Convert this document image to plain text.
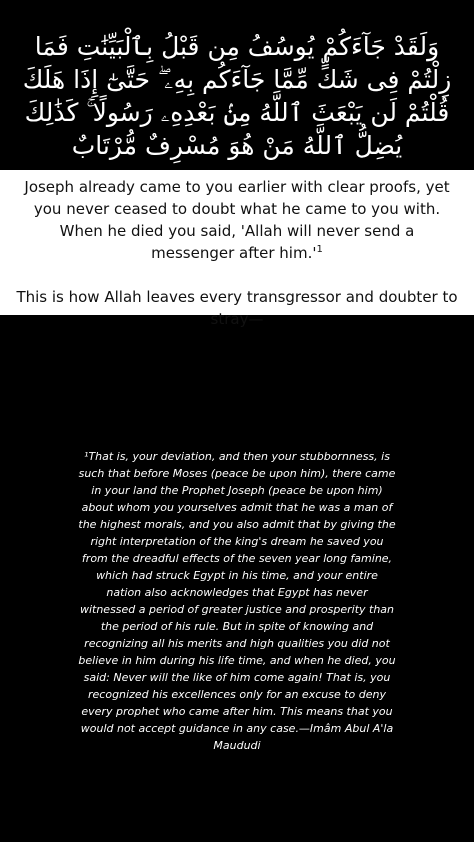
وَلَقَدْ جَآءَكُمْ يُوسُفُ مِن قَبْلُ بِٱلْبَيِّنَٰتِ فَمَا زِلْتُمْ فِى شَكٍّ مِّمَّا جَآءَكُم بِهِۦ ۖ حَتَّىٰٓ إِذَا هَلَكَ قُلْتُمْ لَن يَبْعَثَ ٱللَّهُ مِنۢ بَعْدِهِۦ رَسُولًا ۚ كَذَٰلِكَ يُضِلُّ ٱللَّهُ مَنْ هُوَ مُسْرِفٌ مُّرْتَابٌ

Joseph already came to you earlier with clear proofs, yet you never ceased to doubt what he came to you with. When he died you said, 'Allah will never send a messenger after $him.'^1$

This is how Allah leaves every transgressor and doubter to stray—

¹That is, your deviation, and then your stubbornness, is such that before Moses (peace be upon him), there came in your land the Prophet Joseph (peace be upon him) about whom you yourselves admit that he was a man of the highest morals, and you also admit that by giving the right interpretation of the king's dream he saved you from the dreadful effects of the seven year long famine, which had struck Egypt in his time, and your entire nation also acknowledges that Egypt has never witnessed a period of greater justice and prosperity than the period of his rule. But in spite of knowing and recognizing all his merits and high qualities you did not believe in him during his life time, and when he died, you said: Never will the like of him come again! That is, you recognized his excellences only for an excuse to deny every prophet who came after him. This means that you would not accept guidance in any case.—Imâm Abul A'la Maududi
